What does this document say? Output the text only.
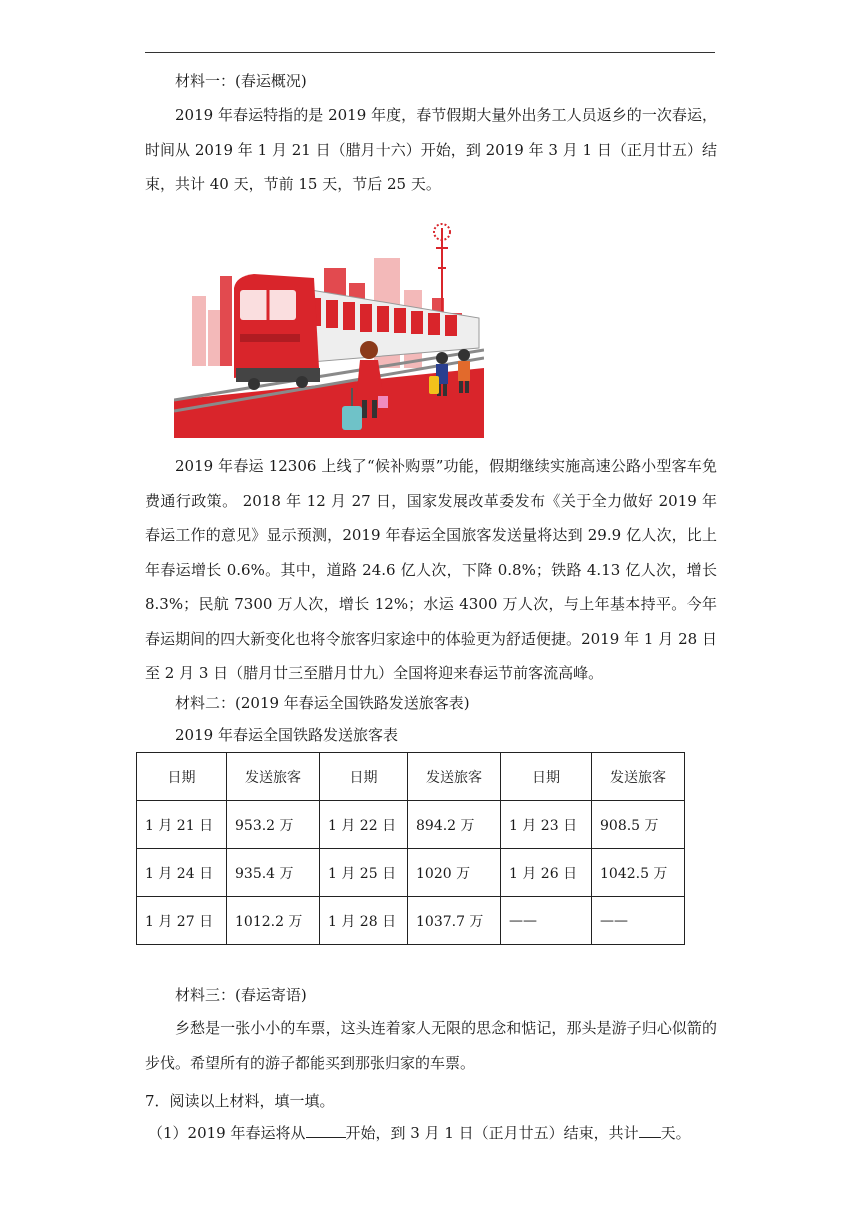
材料一：(春运概况)

2019 年春运特指的是 2019 年度，春节假期大量外出务工人员返乡的一次春运，时间从 2019 年 1 月 21 日（腊月十六）开始，到 2019 年 3 月 1 日（正月廿五）结束，共计 40 天，节前 15 天，节后 25 天。

2019 年春运 12306 上线了“候补购票”功能，假期继续实施高速公路小型客车免费通行政策。 2018 年 12 月 27 日，国家发展改革委发布《关于全力做好 2019 年春运工作的意见》显示预测，2019 年春运全国旅客发送量将达到 29.9 亿人次，比上年春运增长 0.6%。其中，道路 24.6 亿人次，下降 0.8%；铁路 4.13 亿人次，增长 8.3%；民航 7300 万人次，增长 12%；水运 4300 万人次，与上年基本持平。今年春运期间的四大新变化也将令旅客归家途中的体验更为舒适便捷。2019 年 1 月 28 日至 2 月 3 日（腊月廿三至腊月廿九）全国将迎来春运节前客流高峰。

材料二：(2019 年春运全国铁路发送旅客表)
2019 年春运全国铁路发送旅客表
日期	发送旅客	日期	发送旅客	日期	发送旅客
1 月 21 日	953.2 万	1 月 22 日	894.2 万	1 月 23 日	908.5 万
1 月 24 日	935.4 万	1 月 25 日	1020 万	1 月 26 日	1042.5 万
1 月 27 日	1012.2 万	1 月 28 日	1037.7 万	——	——
材料三：(春运寄语)

乡愁是一张小小的车票，这头连着家人无限的思念和惦记，那头是游子归心似箭的步伐。希望所有的游子都能买到那张归家的车票。

7．阅读以上材料，填一填。
（1）2019 年春运将从	开始，到 3 月 1 日（正月廿五）结束，共计 天。
